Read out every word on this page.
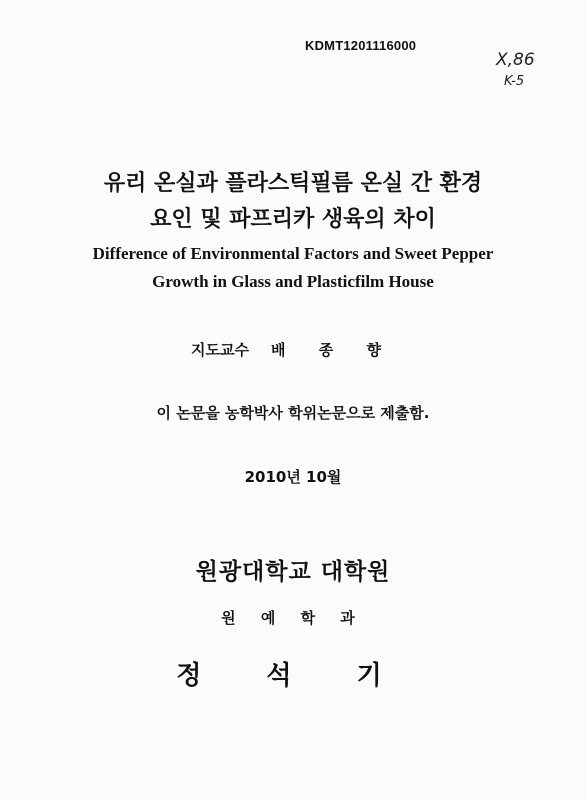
KDMT1201116000
X,86
K-5
유리 온실과 플라스틱필름 온실 간 환경
요인 및 파프리카 생육의 차이
Difference of Environmental Factors and Sweet Pepper
Growth in Glass and Plasticfilm House
지도교수 배 종 향
이 논문을 농학박사 학위논문으로 제출함.
2010년 10월
원광대학교 대학원
원 예 학 과
정 석 기
